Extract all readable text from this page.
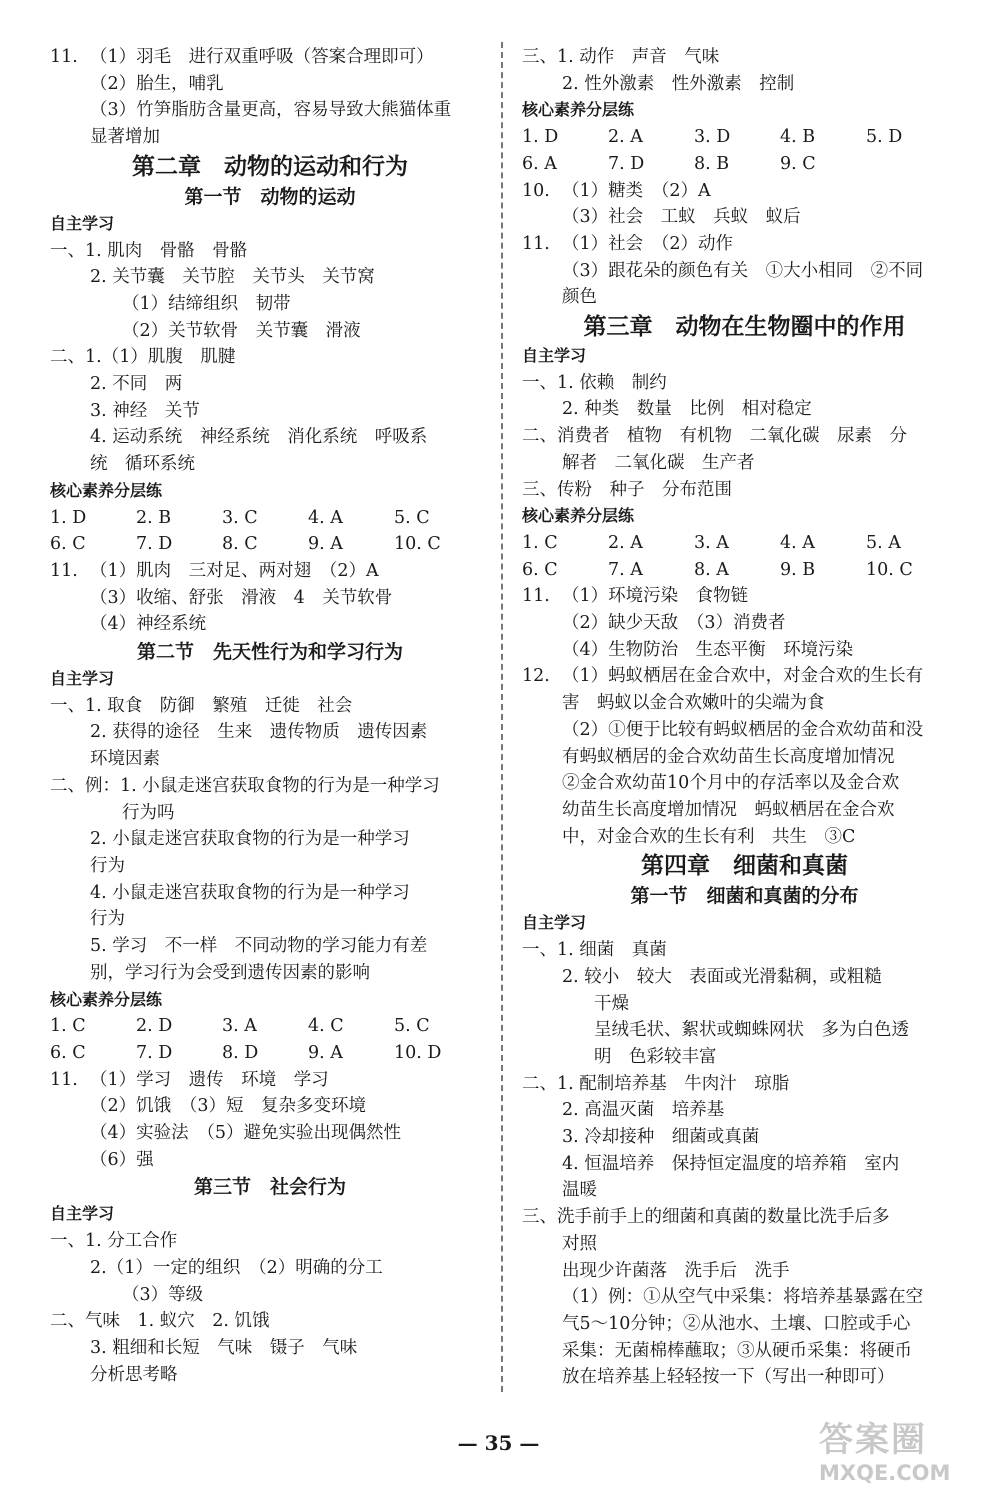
11. （1）羽毛　进行双重呼吸（答案合理即可）
（2）胎生，哺乳
（3）竹笋脂肪含量更高，容易导致大熊猫体重
显著增加
第二章　动物的运动和行为
第一节　动物的运动
自主学习
一、1. 肌肉　骨骼　骨骼
2. 关节囊　关节腔　关节头　关节窝
（1）结缔组织　韧带
（2）关节软骨　关节囊　滑液
二、1.（1）肌腹　肌腱
2. 不同　两
3. 神经　关节
4. 运动系统　神经系统　消化系统　呼吸系
统　循环系统
核心素养分层练
1. D	2. B	3. C	4. A	5. C
6. C	7. D	8. C	9. A	10. C
11. （1）肌肉　三对足、两对翅　（2）A
（3）收缩、舒张　滑液　4　关节软骨
（4）神经系统
第二节　先天性行为和学习行为
自主学习
一、1. 取食　防御　繁殖　迁徙　社会
2. 获得的途径　生来　遗传物质　遗传因素
环境因素
二、例：1. 小鼠走迷宫获取食物的行为是一种学习
行为吗
2. 小鼠走迷宫获取食物的行为是一种学习
行为
4. 小鼠走迷宫获取食物的行为是一种学习
行为
5. 学习　不一样　不同动物的学习能力有差
别，学习行为会受到遗传因素的影响
核心素养分层练
1. C	2. D	3. A	4. C	5. C
6. C	7. D	8. D	9. A	10. D
11. （1）学习　遗传　环境　学习
（2）饥饿　（3）短　复杂多变环境
（4）实验法　（5）避免实验出现偶然性
（6）强
第三节　社会行为
自主学习
一、1. 分工合作
2.（1）一定的组织　（2）明确的分工
（3）等级
二、气味　1. 蚁穴　2. 饥饿
3. 粗细和长短　气味　镊子　气味
分析思考略
三、1. 动作　声音　气味
2. 性外激素　性外激素　控制
核心素养分层练
1. D	2. A	3. D	4. B	5. D
6. A	7. D	8. B	9. C
10. （1）糖类　（2）A
（3）社会　工蚁　兵蚁　蚁后
11. （1）社会　（2）动作
（3）跟花朵的颜色有关　①大小相同　②不同
颜色
第三章　动物在生物圈中的作用
自主学习
一、1. 依赖　制约
2. 种类　数量　比例　相对稳定
二、消费者　植物　有机物　二氧化碳　尿素　分
解者　二氧化碳　生产者
三、传粉　种子　分布范围
核心素养分层练
1. C	2. A	3. A	4. A	5. A
6. C	7. A	8. A	9. B	10. C
11. （1）环境污染　食物链
（2）缺少天敌　（3）消费者
（4）生物防治　生态平衡　环境污染
12. （1）蚂蚁栖居在金合欢中，对金合欢的生长有
害　蚂蚁以金合欢嫩叶的尖端为食
（2）①便于比较有蚂蚁栖居的金合欢幼苗和没
有蚂蚁栖居的金合欢幼苗生长高度增加情况
②金合欢幼苗10个月中的存活率以及金合欢
幼苗生长高度增加情况　蚂蚁栖居在金合欢
中，对金合欢的生长有利　共生　③C
第四章　细菌和真菌
第一节　细菌和真菌的分布
自主学习
一、1. 细菌　真菌
2. 较小　较大　表面或光滑黏稠，或粗糙
干燥
呈绒毛状、絮状或蜘蛛网状　多为白色透
明　色彩较丰富
二、1. 配制培养基　牛肉汁　琼脂
2. 高温灭菌　培养基
3. 冷却接种　细菌或真菌
4. 恒温培养　保持恒定温度的培养箱　室内
温暖
三、洗手前手上的细菌和真菌的数量比洗手后多
对照
出现少许菌落　洗手后　洗手
（1）例：①从空气中采集：将培养基暴露在空
气5～10分钟；②从池水、土壤、口腔或手心
采集：无菌棉棒蘸取；③从硬币采集：将硬币
放在培养基上轻轻按一下（写出一种即可）
— 35 —	答案圈
MXQE.COM
